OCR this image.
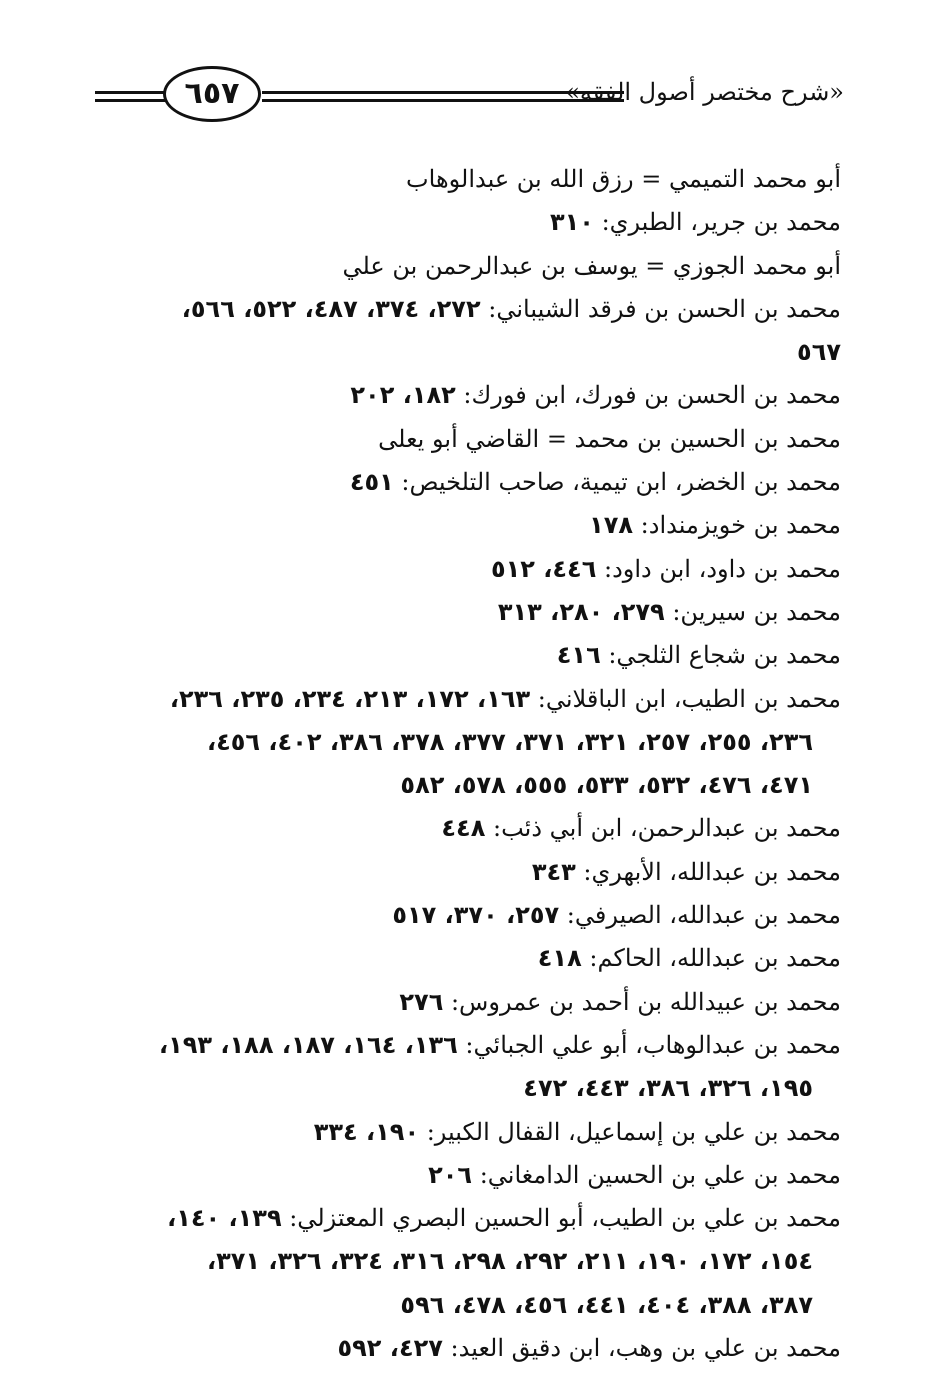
٦٥٧	«شرح مختصر أصول الفقه»
أبو محمد التميمي = رزق الله بن عبدالوهاب
محمد بن جرير، الطبري: ٣١٠
أبو محمد الجوزي = يوسف بن عبدالرحمن بن علي
محمد بن الحسن بن فرقد الشيباني: ٢٧٢، ٣٧٤، ٤٨٧، ٥٢٢، ٥٦٦،
٥٦٧
محمد بن الحسن بن فورك، ابن فورك: ١٨٢، ٢٠٢
محمد بن الحسين بن محمد = القاضي أبو يعلى
محمد بن الخضر، ابن تيمية، صاحب التلخيص: ٤٥١
محمد بن خويزمنداد: ١٧٨
محمد بن داود، ابن داود: ٤٤٦، ٥١٢
محمد بن سيرين: ٢٧٩، ٢٨٠، ٣١٣
محمد بن شجاع الثلجي: ٤١٦
محمد بن الطيب، ابن الباقلاني: ١٦٣، ١٧٢، ٢١٣، ٢٣٤، ٢٣٥، ٢٣٦،
٢٣٦، ٢٥٥، ٢٥٧، ٣٢١، ٣٧١، ٣٧٧، ٣٧٨، ٣٨٦، ٤٠٢، ٤٥٦،
٤٧١، ٤٧٦، ٥٣٢، ٥٣٣، ٥٥٥، ٥٧٨، ٥٨٢
محمد بن عبدالرحمن، ابن أبي ذئب: ٤٤٨
محمد بن عبدالله، الأبهري: ٣٤٣
محمد بن عبدالله، الصيرفي: ٢٥٧، ٣٧٠، ٥١٧
محمد بن عبدالله، الحاكم: ٤١٨
محمد بن عبيدالله بن أحمد بن عمروس: ٢٧٦
محمد بن عبدالوهاب، أبو علي الجبائي: ١٣٦، ١٦٤، ١٨٧، ١٨٨، ١٩٣،
١٩٥، ٣٢٦، ٣٨٦، ٤٤٣، ٤٧٢
محمد بن علي بن إسماعيل، القفال الكبير: ١٩٠، ٣٣٤
محمد بن علي بن الحسين الدامغاني: ٢٠٦
محمد بن علي بن الطيب، أبو الحسين البصري المعتزلي: ١٣٩، ١٤٠،
١٥٤، ١٧٢، ١٩٠، ٢١١، ٢٩٢، ٢٩٨، ٣١٦، ٣٢٤، ٣٢٦، ٣٧١،
٣٨٧، ٣٨٨، ٤٠٤، ٤٤١، ٤٥٦، ٤٧٨، ٥٩٦
محمد بن علي بن وهب، ابن دقيق العيد: ٤٢٧، ٥٩٢
